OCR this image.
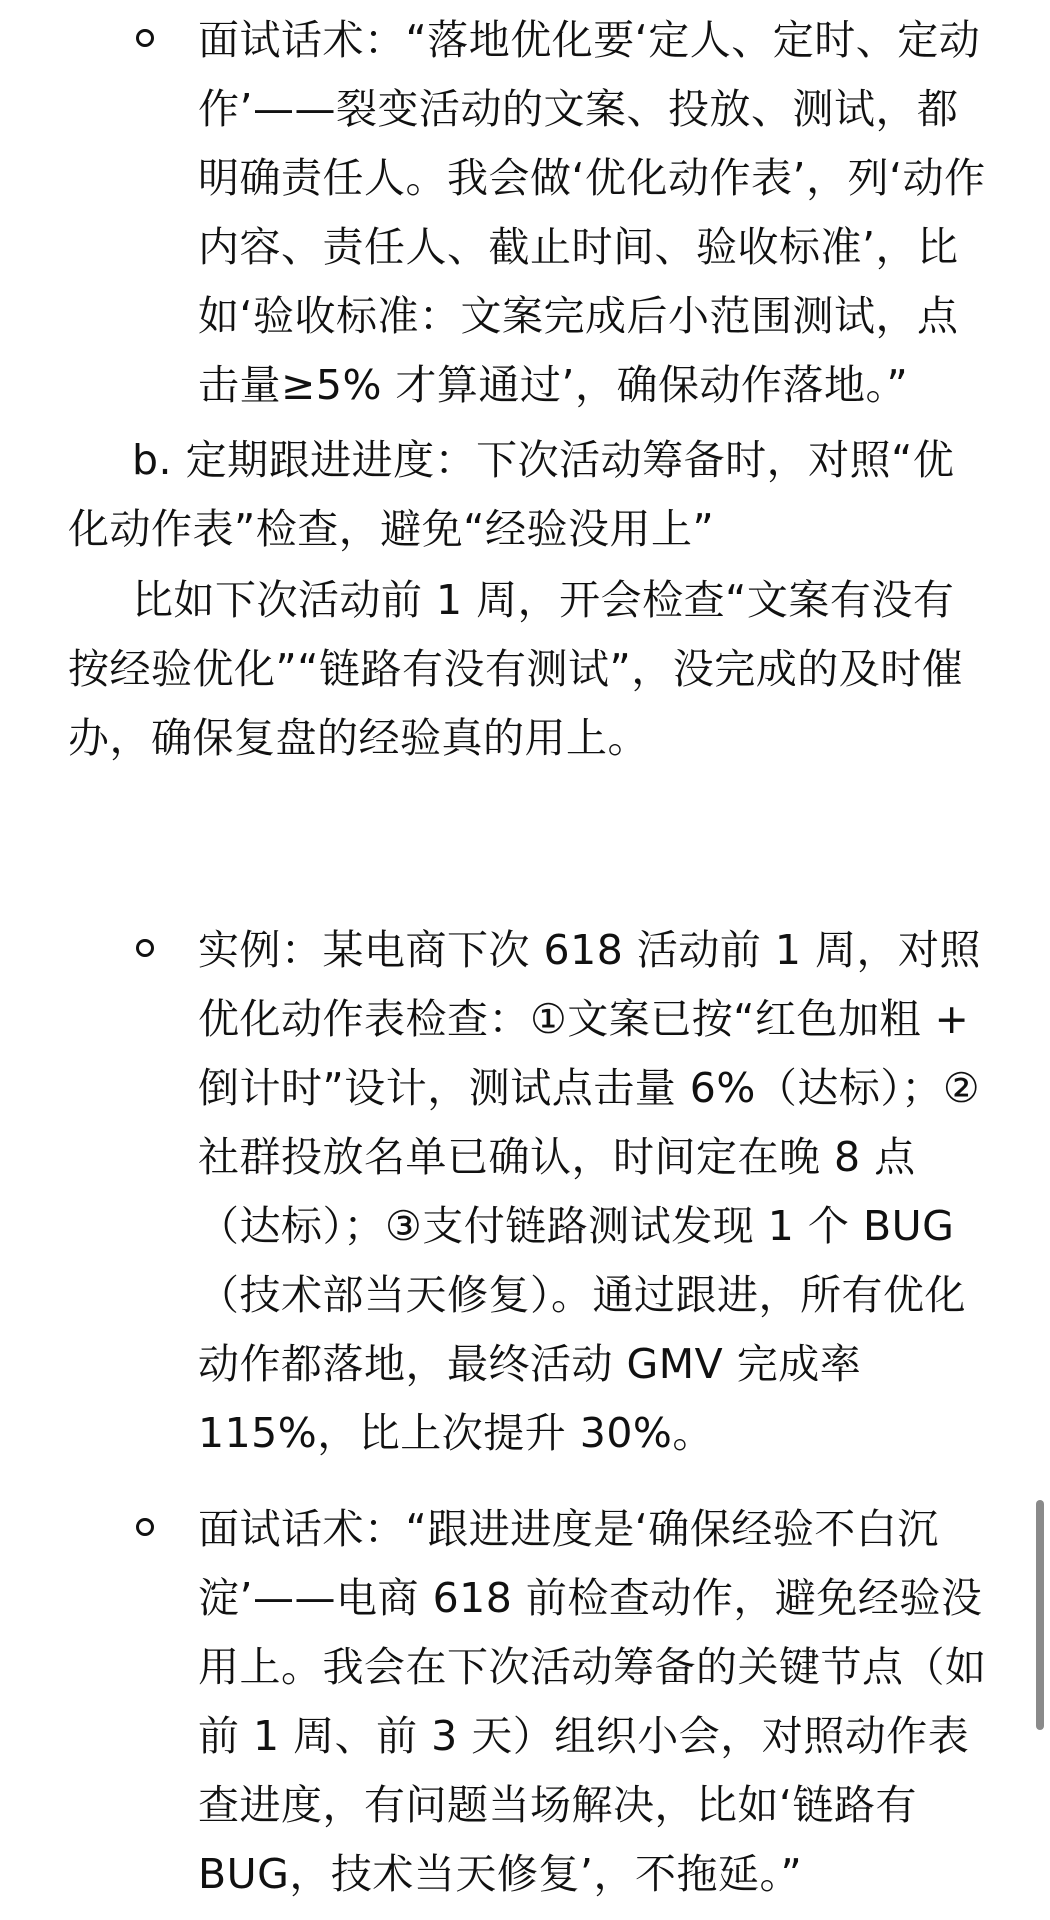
面试话术：“落地优化要‘定人、定时、定动作’——裂变活动的文案、投放、测试，都明确责任人。我会做‘优化动作表’，列‘动作内容、责任人、截止时间、验收标准’，比如‘验收标准：文案完成后小范围测试，点击量≥5% 才算通过’，确保动作落地。”
b. 定期跟进进度：下次活动筹备时，对照“优化动作表”检查，避免“经验没用上”
比如下次活动前 1 周，开会检查“文案有没有按经验优化”“链路有没有测试”，没完成的及时催办，确保复盘的经验真的用上。
实例：某电商下次 618 活动前 1 周，对照优化动作表检查：①文案已按“红色加粗 + 倒计时”设计，测试点击量 6%（达标）；②社群投放名单已确认，时间定在晚 8 点（达标）；③支付链路测试发现 1 个 BUG（技术部当天修复）。通过跟进，所有优化动作都落地，最终活动 GMV 完成率 115%，比上次提升 30%。
面试话术：“跟进进度是‘确保经验不白沉淀’——电商 618 前检查动作，避免经验没用上。我会在下次活动筹备的关键节点（如前 1 周、前 3 天）组织小会，对照动作表查进度，有问题当场解决，比如‘链路有 BUG，技术当天修复’，不拖延。”
